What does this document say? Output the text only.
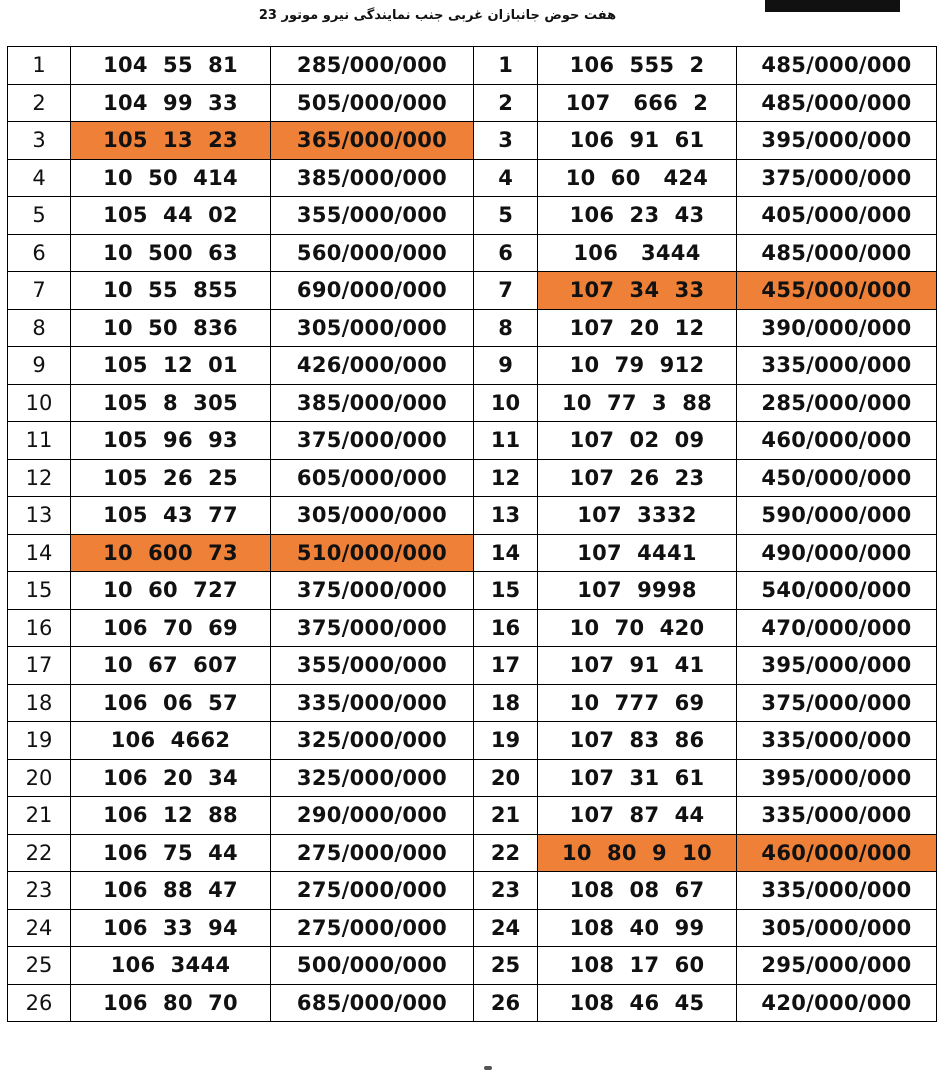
هفت حوض جانبازان غربی جنب نمایندگی نیرو موتور 23
1	104  55  81	285/000/000	1	106  555  2	485/000/000
2	104  99  33	505/000/000	2	107   666  2	485/000/000
3	105  13  23	365/000/000	3	106  91  61	395/000/000
4	10  50  414	385/000/000	4	10  60   424	375/000/000
5	105  44  02	355/000/000	5	106  23  43	405/000/000
6	10  500  63	560/000/000	6	106   3444	485/000/000
7	10  55  855	690/000/000	7	107  34  33	455/000/000
8	10  50  836	305/000/000	8	107  20  12	390/000/000
9	105  12  01	426/000/000	9	10  79  912	335/000/000
10	105  8  305	385/000/000	10	10  77  3  88	285/000/000
11	105  96  93	375/000/000	11	107  02  09	460/000/000
12	105  26  25	605/000/000	12	107  26  23	450/000/000
13	105  43  77	305/000/000	13	107  3332	590/000/000
14	10  600  73	510/000/000	14	107  4441	490/000/000
15	10  60  727	375/000/000	15	107  9998	540/000/000
16	106  70  69	375/000/000	16	10  70  420	470/000/000
17	10  67  607	355/000/000	17	107  91  41	395/000/000
18	106  06  57	335/000/000	18	10  777  69	375/000/000
19	106  4662	325/000/000	19	107  83  86	335/000/000
20	106  20  34	325/000/000	20	107  31  61	395/000/000
21	106  12  88	290/000/000	21	107  87  44	335/000/000
22	106  75  44	275/000/000	22	10  80  9  10	460/000/000
23	106  88  47	275/000/000	23	108  08  67	335/000/000
24	106  33  94	275/000/000	24	108  40  99	305/000/000
25	106  3444	500/000/000	25	108  17  60	295/000/000
26	106  80  70	685/000/000	26	108  46  45	420/000/000
